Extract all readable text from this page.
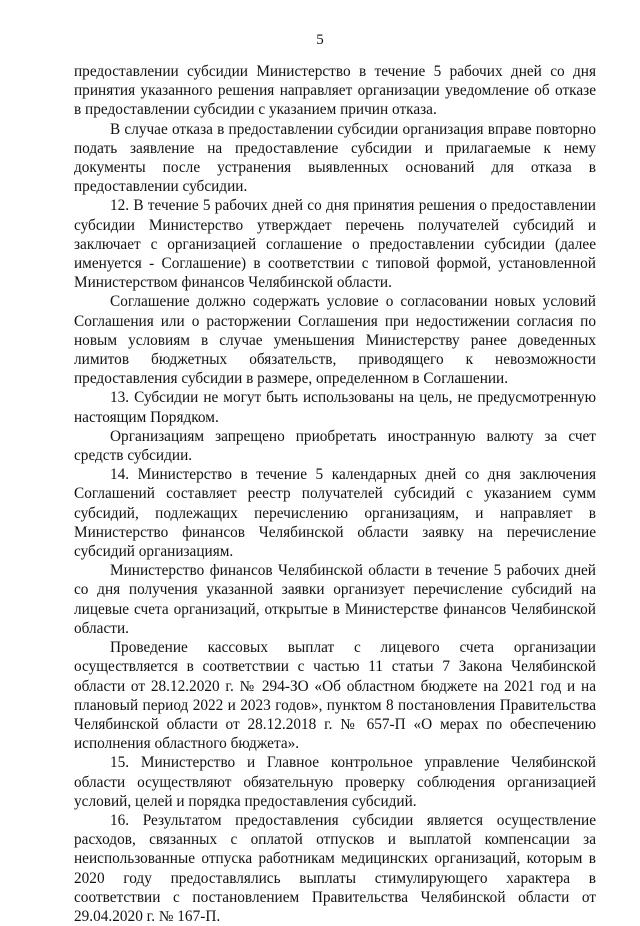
5

предоставлении субсидии Министерство в течение 5 рабочих дней со дня принятия указанного решения направляет организации уведомление об отказе в предоставлении субсидии с указанием причин отказа.

В случае отказа в предоставлении субсидии организация вправе повторно подать заявление на предоставление субсидии и прилагаемые к нему документы после устранения выявленных оснований для отказа в предоставлении субсидии.

12. В течение 5 рабочих дней со дня принятия решения о предоставлении субсидии Министерство утверждает перечень получателей субсидий и заключает с организацией соглашение о предоставлении субсидии (далее именуется - Соглашение) в соответствии с типовой формой, установленной Министерством финансов Челябинской области.

Соглашение должно содержать условие о согласовании новых условий Соглашения или о расторжении Соглашения при недостижении согласия по новым условиям в случае уменьшения Министерству ранее доведенных лимитов бюджетных обязательств, приводящего к невозможности предоставления субсидии в размере, определенном в Соглашении.

13. Субсидии не могут быть использованы на цель, не предусмотренную настоящим Порядком.

Организациям запрещено приобретать иностранную валюту за счет средств субсидии.

14. Министерство в течение 5 календарных дней со дня заключения Соглашений составляет реестр получателей субсидий с указанием сумм субсидий, подлежащих перечислению организациям, и направляет в Министерство финансов Челябинской области заявку на перечисление субсидий организациям.

Министерство финансов Челябинской области в течение 5 рабочих дней со дня получения указанной заявки организует перечисление субсидий на лицевые счета организаций, открытые в Министерстве финансов Челябинской области.

Проведение кассовых выплат с лицевого счета организации осуществляется в соответствии с частью 11 статьи 7 Закона Челябинской области от 28.12.2020 г. № 294-ЗО «Об областном бюджете на 2021 год и на плановый период 2022 и 2023 годов», пунктом 8 постановления Правительства Челябинской области от 28.12.2018 г. № 657-П «О мерах по обеспечению исполнения областного бюджета».

15. Министерство и Главное контрольное управление Челябинской области осуществляют обязательную проверку соблюдения организацией условий, целей и порядка предоставления субсидий.

16. Результатом предоставления субсидии является осуществление расходов, связанных с оплатой отпусков и выплатой компенсации за неиспользованные отпуска работникам медицинских организаций, которым в 2020 году предоставлялись выплаты стимулирующего характера в соответствии с постановлением Правительства Челябинской области от 29.04.2020 г. № 167-П.
